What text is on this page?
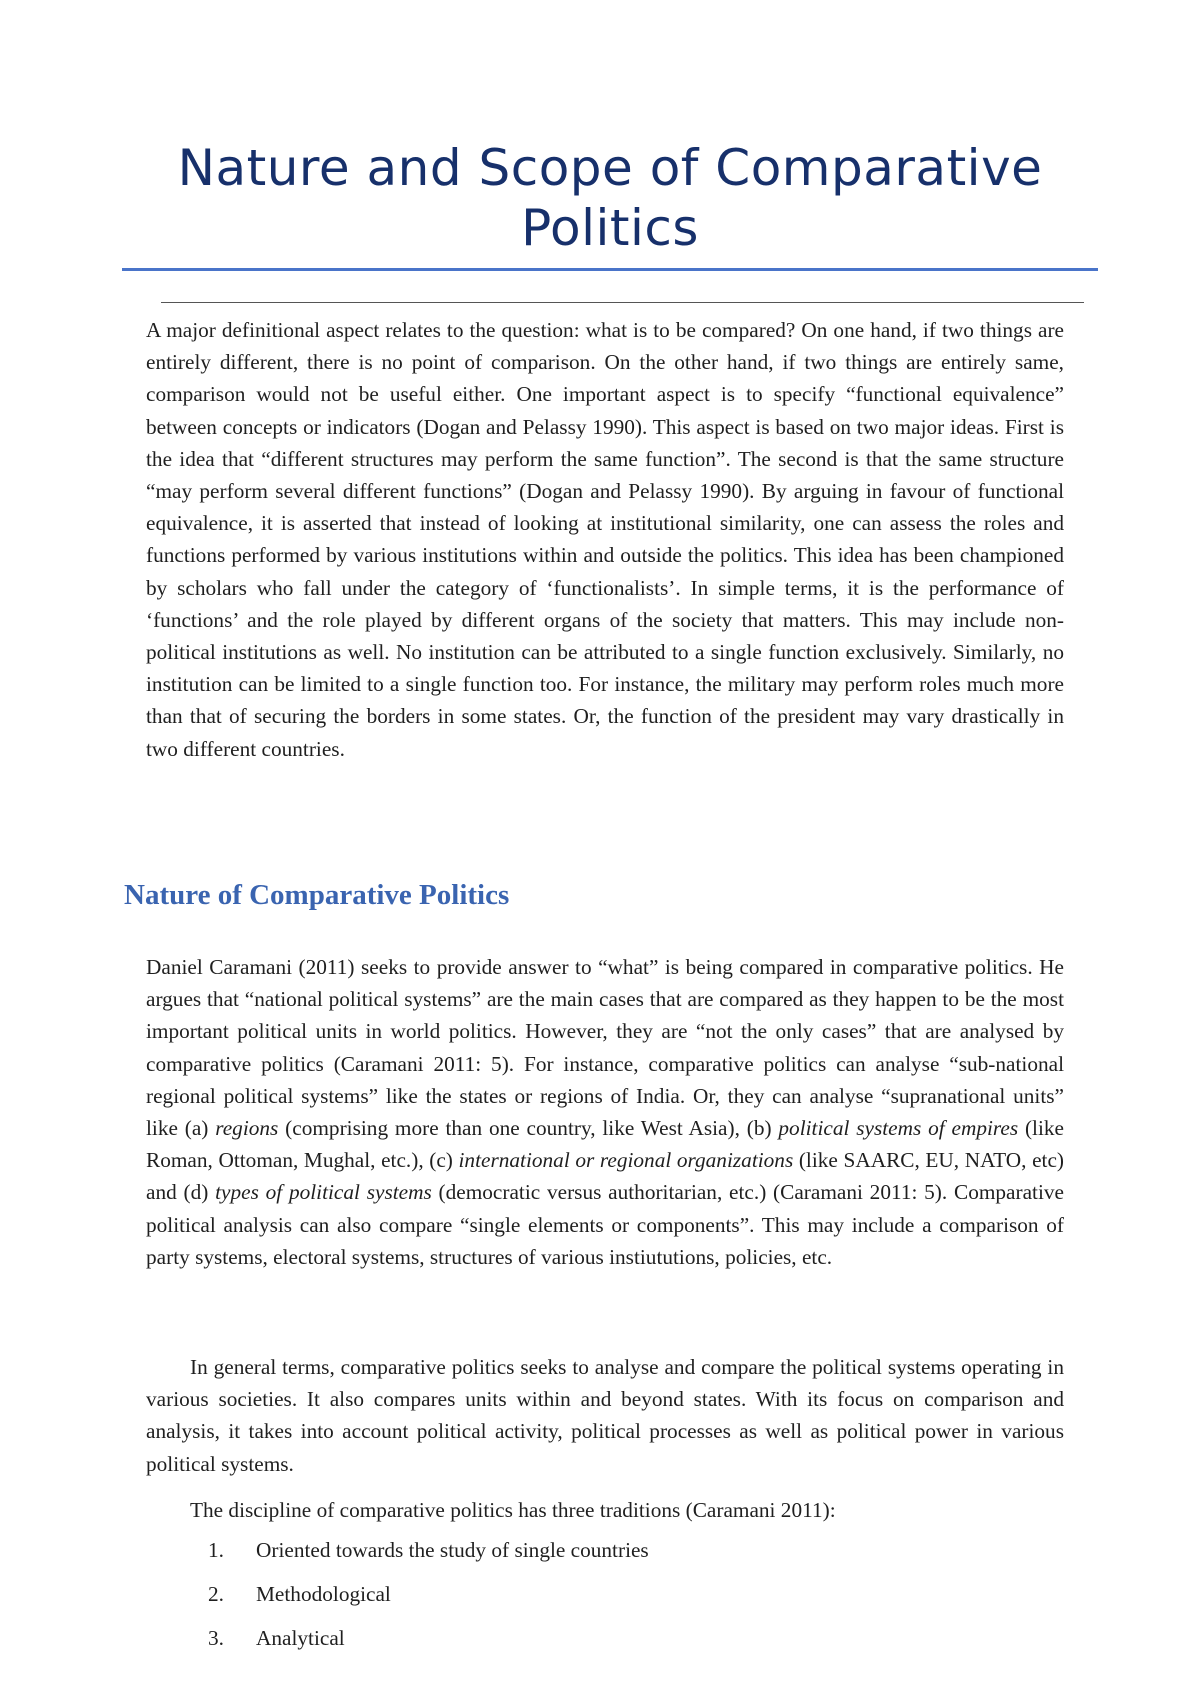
Nature and Scope of Comparative Politics

A major definitional aspect relates to the question: what is to be compared? On one hand, if two things are entirely different, there is no point of comparison. On the other hand, if two things are entirely same, comparison would not be useful either. One important aspect is to specify “functional equivalence” between concepts or indicators (Dogan and Pelassy 1990). This aspect is based on two major ideas. First is the idea that “different structures may perform the same function”. The second is that the same structure “may perform several different functions” (Dogan and Pelassy 1990). By arguing in favour of functional equivalence, it is asserted that instead of looking at institutional similarity, one can assess the roles and functions performed by various institutions within and outside the politics. This idea has been championed by scholars who fall under the category of ‘functionalists’. In simple terms, it is the performance of ‘functions’ and the role played by different organs of the society that matters. This may include non-political institutions as well. No institution can be attributed to a single function exclusively. Similarly, no institution can be limited to a single function too. For instance, the military may perform roles much more than that of securing the borders in some states. Or, the function of the president may vary drastically in two different countries.

Nature of Comparative Politics

Daniel Caramani (2011) seeks to provide answer to “what” is being compared in comparative politics. He argues that “national political systems” are the main cases that are compared as they happen to be the most important political units in world politics. However, they are “not the only cases” that are analysed by comparative politics (Caramani 2011: 5). For instance, comparative politics can analyse “sub-national regional political systems” like the states or regions of India. Or, they can analyse “supranational units” like (a) regions (comprising more than one country, like West Asia), (b) political systems of empires (like Roman, Ottoman, Mughal, etc.), (c) international or regional organizations (like SAARC, EU, NATO, etc) and (d) types of political systems (democratic versus authoritarian, etc.) (Caramani 2011: 5). Comparative political analysis can also compare “single elements or components”. This may include a comparison of party systems, electoral systems, structures of various instiututions, policies, etc.

In general terms, comparative politics seeks to analyse and compare the political systems operating in various societies. It also compares units within and beyond states. With its focus on comparison and analysis, it takes into account political activity, political processes as well as political power in various political systems.

The discipline of comparative politics has three traditions (Caramani 2011):

1.	Oriented towards the study of single countries
2.	Methodological
3.	Analytical
